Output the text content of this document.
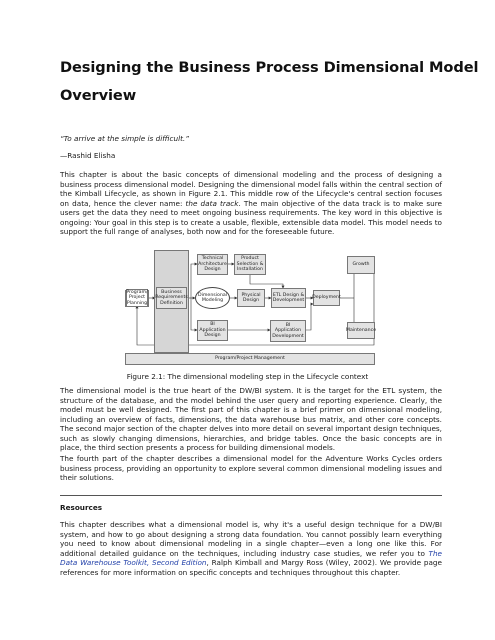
Designing the Business Process Dimensional Model
Overview

“To arrive at the simple is difficult.”

—Rashid Elisha

This chapter is about the basic concepts of dimensional modeling and the process of designing a business process dimensional model. Designing the dimensional model falls within the central section of the Kimball Lifecycle, as shown in Figure 2.1. This middle row of the Lifecycle's central section focuses on data, hence the clever name: the data track. The main objective of the data track is to make sure users get the data they need to meet ongoing business requirements. The key word in this objective is ongoing: Your goal in this step is to create a usable, flexible, extensible data model. This model needs to support the full range of analyses, both now and for the foreseeable future.

Program/ Project Planning
Business Requirements Definition
Technical Architecture Design
Product Selection & Installation
Dimensional Modeling
Physical Design
ETL Design & Development
Deployment
BI Application Design
BI Application Development
Growth
Maintenance
Program/Project Management
Figure 2.1: The dimensional modeling step in the Lifecycle context

The dimensional model is the true heart of the DW/BI system. It is the target for the ETL system, the structure of the database, and the model behind the user query and reporting experience. Clearly, the model must be well designed. The first part of this chapter is a brief primer on dimensional modeling, including an overview of facts, dimensions, the data warehouse bus matrix, and other core concepts. The second major section of the chapter delves into more detail on several important design techniques, such as slowly changing dimensions, hierarchies, and bridge tables. Once the basic concepts are in place, the third section presents a process for building dimensional models.

The fourth part of the chapter describes a dimensional model for the Adventure Works Cycles orders business process, providing an opportunity to explore several common dimensional modeling issues and their solutions.

Resources

This chapter describes what a dimensional model is, why it's a useful design technique for a DW/BI system, and how to go about designing a strong data foundation. You cannot possibly learn everything you need to know about dimensional modeling in a single chapter—even a long one like this. For additional detailed guidance on the techniques, including industry case studies, we refer you to The Data Warehouse Toolkit, Second Edition, Ralph Kimball and Margy Ross (Wiley, 2002). We provide page references for more information on specific concepts and techniques throughout this chapter.
